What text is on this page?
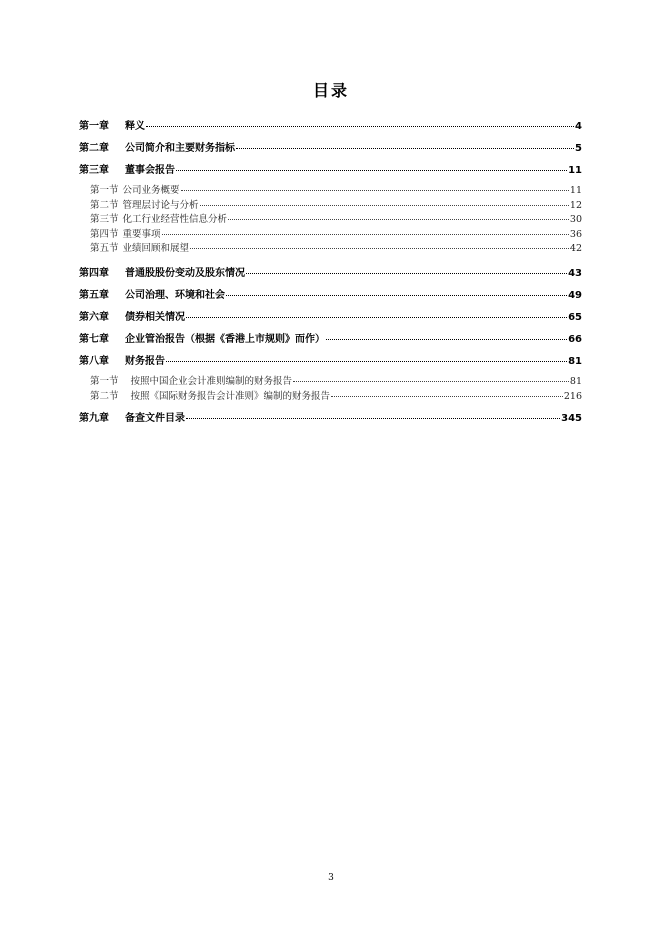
目录
第一章	释义	4
第二章	公司简介和主要财务指标	5
第三章	董事会报告	11
第一节 公司业务概要	11
第二节 管理层讨论与分析	12
第三节 化工行业经营性信息分析	30
第四节 重要事项	36
第五节 业绩回顾和展望	42
第四章	普通股股份变动及股东情况	43
第五章	公司治理、环境和社会	49
第六章	债券相关情况	65
第七章	企业管治报告（根据《香港上市规则》而作）	66
第八章	财务报告	81
第一节 按照中国企业会计准则编制的财务报告	81
第二节 按照《国际财务报告会计准则》编制的财务报告	216
第九章	备查文件目录	345
3
